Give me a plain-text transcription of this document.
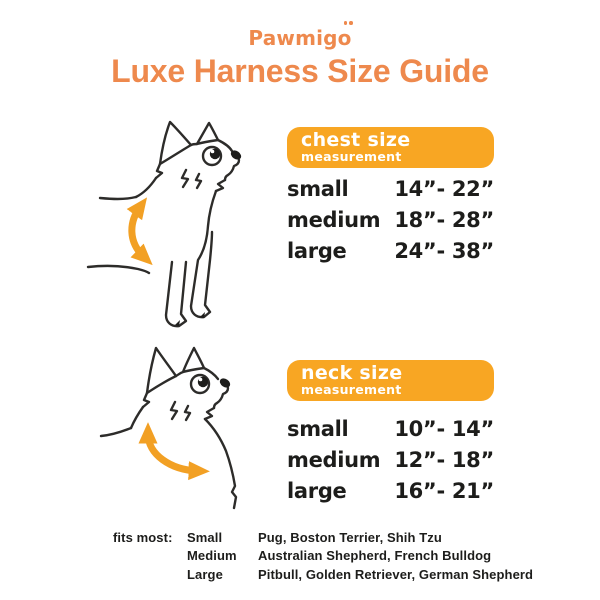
Pawmigo
Luxe Harness Size Guide
chest size
measurement
small 14”- 22”
medium 18”- 28”
large 24”- 38”
neck size
measurement
small 10”- 14”
medium 12”- 18”
large 16”- 21”
fits most:	Small
Medium
Large
Pug, Boston Terrier, Shih Tzu
Australian Shepherd, French Bulldog
Pitbull, Golden Retriever, German Shepherd
